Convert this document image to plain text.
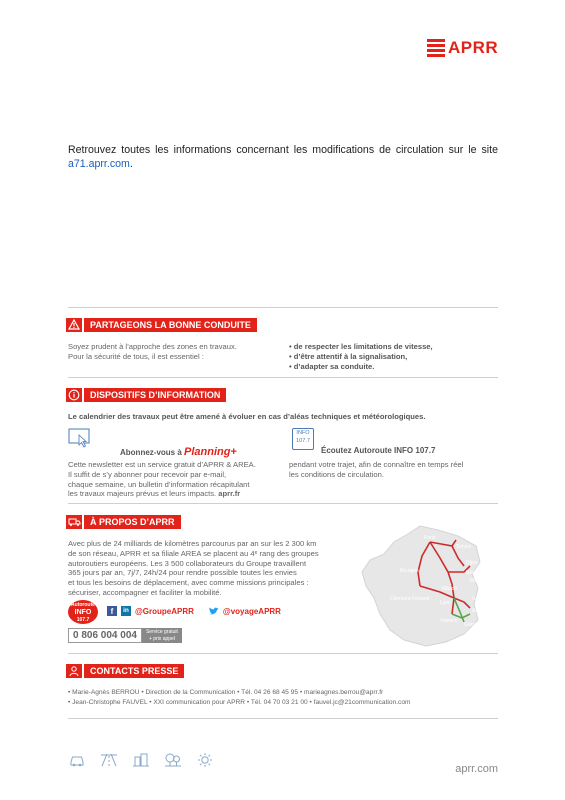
APRR
Retrouvez toutes les informations concernant les modifications de circulation sur le site a71.aprr.com.
PARTAGEONS LA BONNE CONDUITE
Soyez prudent à l’approche des zones en travaux.
Pour la sécurité de tous, il est essentiel :
• de respecter les limitations de vitesse,
• d’être attentif à la signalisation,
• d’adapter sa conduite.
DISPOSITIFS D’INFORMATION
Le calendrier des travaux peut être amené à évoluer en cas d’aléas techniques et météorologiques.
Abonnez-vous à Planning+
Cette newsletter est un service gratuit d’APRR & AREA.
Il suffit de s’y abonner pour recevoir par e-mail,
chaque semaine, un bulletin d’information récapitulant
les travaux majeurs prévus et leurs impacts. aprr.fr
INFO
107.7
Écoutez Autoroute INFO 107.7
pendant votre trajet, afin de connaître en temps réel
les conditions de circulation.
À PROPOS D’APRR
Avec plus de 24 milliards de kilomètres parcourus par an sur les 2 300 km
de son réseau, APRR et sa filiale AREA se placent au 4ᵉ rang des groupes
autoroutiers européens. Les 3 500 collaborateurs du Groupe travaillent
365 jours par an, 7j/7, 24h/24 pour rendre possible toutes les envies
et tous les besoins de déplacement, avec comme missions principales :
sécuriser, accompagner et faciliter la mobilité.
Autoroute
INFO
107.7
f	in @GroupeAPRR	@voyageAPRR
0 806 004 004	Service gratuit
+ prix appel
Paris
Troyes
Dijon
Besançon
Mulhouse
Mâcon
Bourges
Clermont-Ferrand
Lyon
Genève
Annecy
Grenoble
Valence
CONTACTS PRESSE
• Marie-Agnès BERROU • Direction de la Communication • Tél. 04 26 68 45 95 • marieagnes.berrou@aprr.fr
• Jean-Christophe FAUVEL • XXI communication pour APRR • Tél. 04 70 03 21 00 • fauvel.jc@21communication.com
aprr.com
